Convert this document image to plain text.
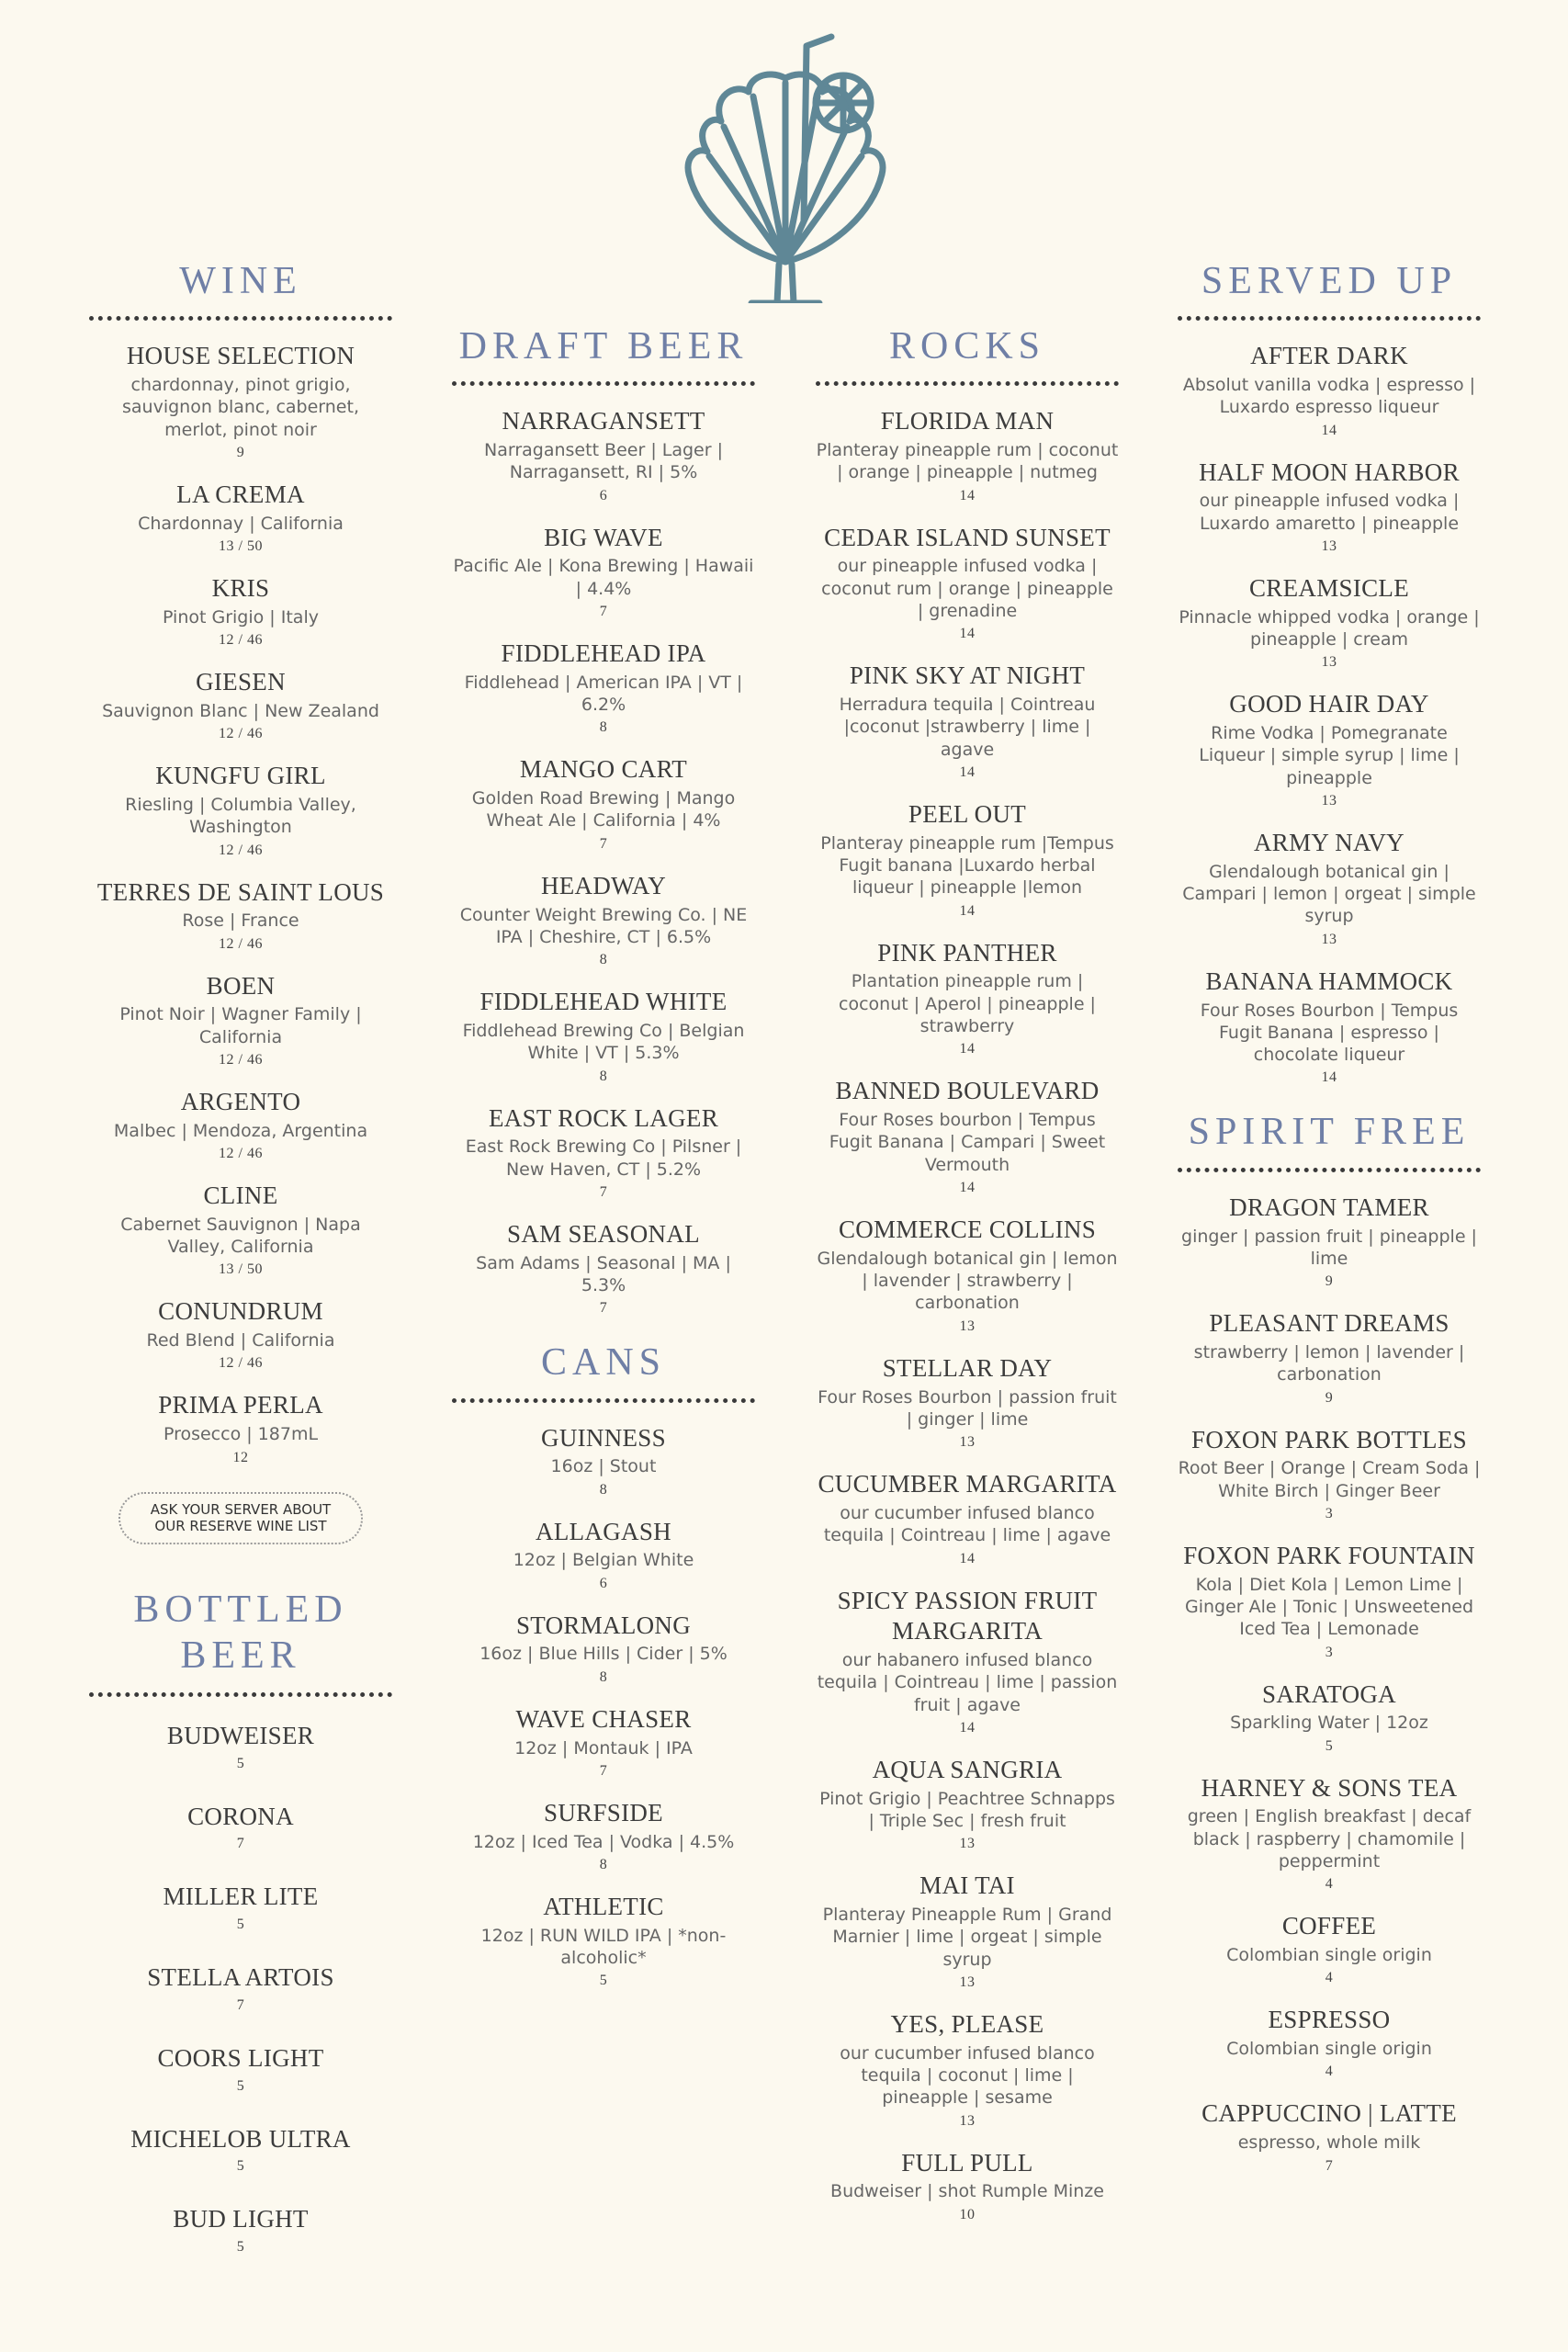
WINE
HOUSE SELECTION
chardonnay, pinot grigio, sauvignon blanc, cabernet, merlot, pinot noir
9
LA CREMA
Chardonnay | California
13 / 50
KRIS
Pinot Grigio | Italy
12 / 46
GIESEN
Sauvignon Blanc | New Zealand
12 / 46
KUNGFU GIRL
Riesling | Columbia Valley, Washington
12 / 46
TERRES DE SAINT LOUS
Rose | France
12 / 46
BOEN
Pinot Noir | Wagner Family | California
12 / 46
ARGENTO
Malbec | Mendoza, Argentina
12 / 46
CLINE
Cabernet Sauvignon | Napa Valley, California
13 / 50
CONUNDRUM
Red Blend | California
12 / 46
PRIMA PERLA
Prosecco | 187mL
12
ASK YOUR SERVER ABOUT OUR RESERVE WINE LIST
BOTTLED BEER
BUDWEISER
5
CORONA
7
MILLER LITE
5
STELLA ARTOIS
7
COORS LIGHT
5
MICHELOB ULTRA
5
BUD LIGHT
5
DRAFT BEER
NARRAGANSETT
Narragansett Beer | Lager | Narragansett, RI | 5%
6
BIG WAVE
Pacific Ale | Kona Brewing | Hawaii | 4.4%
7
FIDDLEHEAD IPA
Fiddlehead | American IPA | VT | 6.2%
8
MANGO CART
Golden Road Brewing | Mango Wheat Ale | California | 4%
7
HEADWAY
Counter Weight Brewing Co. | NE IPA | Cheshire, CT | 6.5%
8
FIDDLEHEAD WHITE
Fiddlehead Brewing Co | Belgian White | VT | 5.3%
8
EAST ROCK LAGER
East Rock Brewing Co | Pilsner | New Haven, CT | 5.2%
7
SAM SEASONAL
Sam Adams | Seasonal | MA | 5.3%
7
CANS
GUINNESS
16oz | Stout
8
ALLAGASH
12oz | Belgian White
6
STORMALONG
16oz | Blue Hills | Cider | 5%
8
WAVE CHASER
12oz | Montauk | IPA
7
SURFSIDE
12oz | Iced Tea | Vodka | 4.5%
8
ATHLETIC
12oz | RUN WILD IPA | *non-alcoholic*
5
ROCKS
FLORIDA MAN
Planteray pineapple rum | coconut | orange | pineapple | nutmeg
14
CEDAR ISLAND SUNSET
our pineapple infused vodka | coconut rum | orange | pineapple | grenadine
14
PINK SKY AT NIGHT
Herradura tequila | Cointreau |coconut |strawberry | lime | agave
14
PEEL OUT
Planteray pineapple rum |Tempus Fugit banana |Luxardo herbal liqueur | pineapple |lemon
14
PINK PANTHER
Plantation pineapple rum | coconut | Aperol | pineapple | strawberry
14
BANNED BOULEVARD
Four Roses bourbon | Tempus Fugit Banana | Campari | Sweet Vermouth
14
COMMERCE COLLINS
Glendalough botanical gin | lemon | lavender | strawberry | carbonation
13
STELLAR DAY
Four Roses Bourbon | passion fruit | ginger | lime
13
CUCUMBER MARGARITA
our cucumber infused blanco tequila | Cointreau | lime | agave
14
SPICY PASSION FRUIT MARGARITA
our habanero infused blanco tequila | Cointreau | lime | passion fruit | agave
14
AQUA SANGRIA
Pinot Grigio | Peachtree Schnapps | Triple Sec | fresh fruit
13
MAI TAI
Planteray Pineapple Rum | Grand Marnier | lime | orgeat | simple syrup
13
YES, PLEASE
our cucumber infused blanco tequila | coconut | lime | pineapple | sesame
13
FULL PULL
Budweiser | shot Rumple Minze
10
SERVED UP
AFTER DARK
Absolut vanilla vodka | espresso | Luxardo espresso liqueur
14
HALF MOON HARBOR
our pineapple infused vodka | Luxardo amaretto | pineapple
13
CREAMSICLE
Pinnacle whipped vodka | orange | pineapple | cream
13
GOOD HAIR DAY
Rime Vodka | Pomegranate Liqueur | simple syrup | lime | pineapple
13
ARMY NAVY
Glendalough botanical gin | Campari | lemon | orgeat | simple syrup
13
BANANA HAMMOCK
Four Roses Bourbon | Tempus Fugit Banana | espresso | chocolate liqueur
14
SPIRIT FREE
DRAGON TAMER
ginger | passion fruit | pineapple | lime
9
PLEASANT DREAMS
strawberry | lemon | lavender | carbonation
9
FOXON PARK BOTTLES
Root Beer | Orange | Cream Soda | White Birch | Ginger Beer
3
FOXON PARK FOUNTAIN
Kola | Diet Kola | Lemon Lime | Ginger Ale | Tonic | Unsweetened Iced Tea | Lemonade
3
SARATOGA
Sparkling Water | 12oz
5
HARNEY & SONS TEA
green | English breakfast | decaf black | raspberry | chamomile | peppermint
4
COFFEE
Colombian single origin
4
ESPRESSO
Colombian single origin
4
CAPPUCCINO | LATTE
espresso, whole milk
7
